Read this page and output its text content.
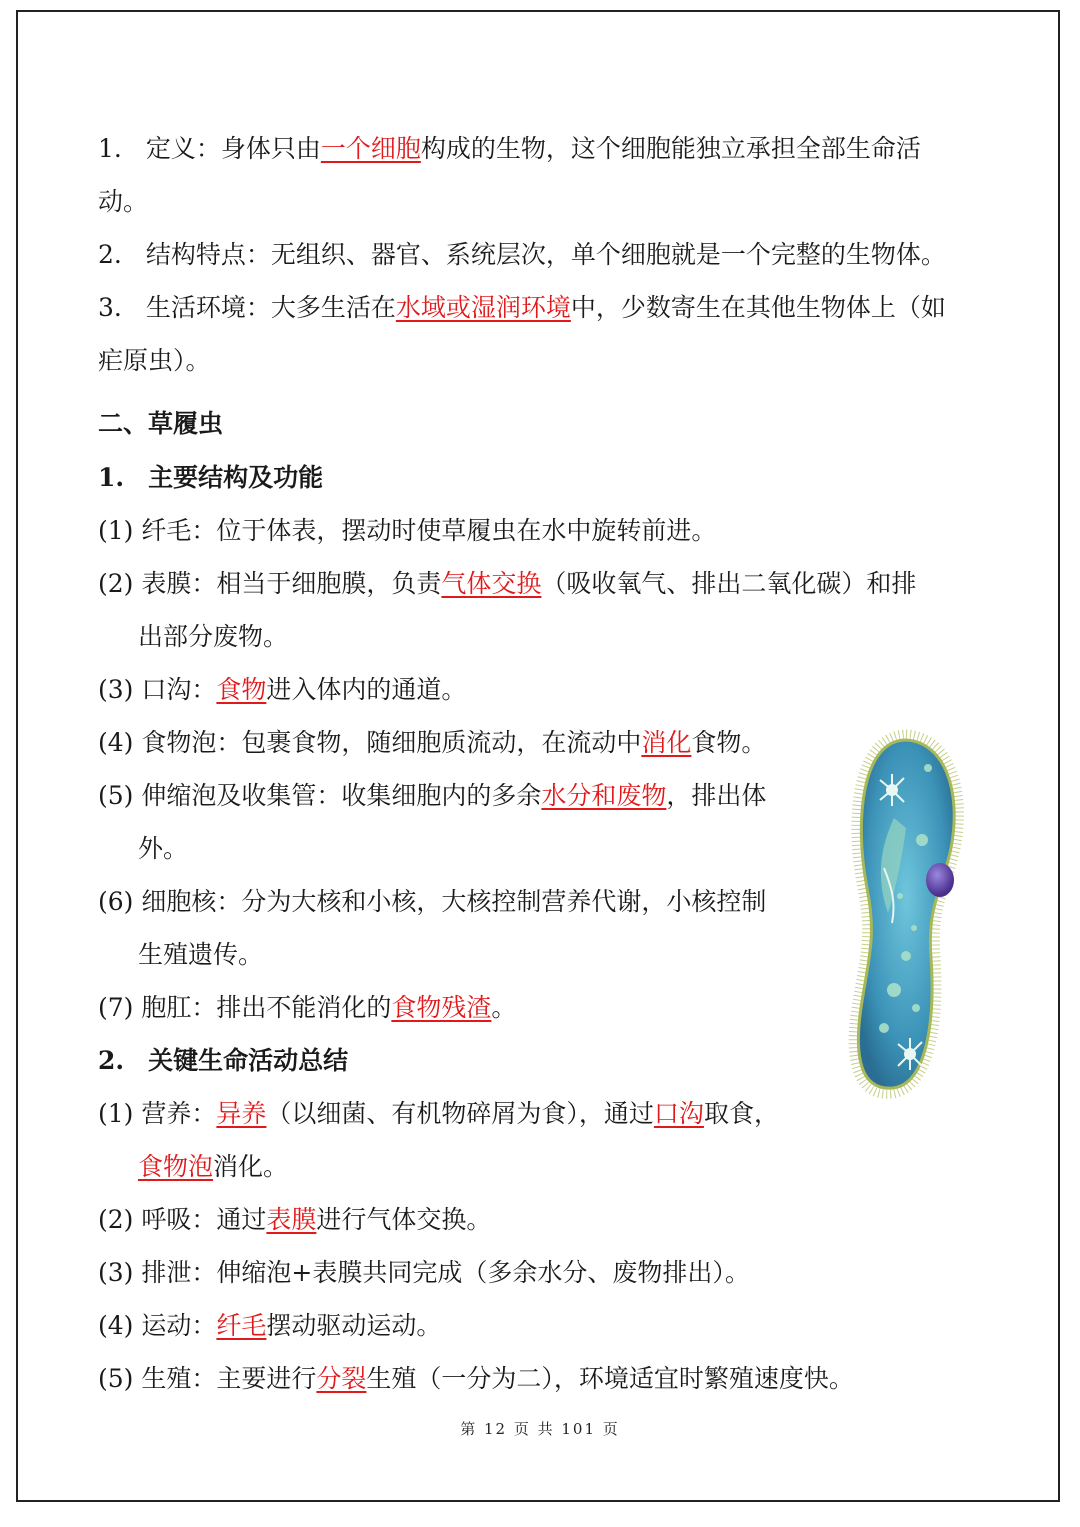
1. 定义：身体只由一个细胞构成的生物，这个细胞能独立承担全部生命活
动。
2. 结构特点：无组织、器官、系统层次，单个细胞就是一个完整的生物体。
3. 生活环境：大多生活在水域或湿润环境中，少数寄生在其他生物体上（如
疟原虫）。
二、草履虫
1. 主要结构及功能
(1) 纤毛：位于体表，摆动时使草履虫在水中旋转前进。
(2) 表膜：相当于细胞膜，负责气体交换（吸收氧气、排出二氧化碳）和排
出部分废物。
(3) 口沟：食物进入体内的通道。
(4) 食物泡：包裹食物，随细胞质流动，在流动中消化食物。
(5) 伸缩泡及收集管：收集细胞内的多余水分和废物，排出体
外。
(6) 细胞核：分为大核和小核，大核控制营养代谢，小核控制
生殖遗传。
(7) 胞肛：排出不能消化的食物残渣。
2. 关键生命活动总结
(1) 营养：异养（以细菌、有机物碎屑为食），通过口沟取食，
食物泡消化。
(2) 呼吸：通过表膜进行气体交换。
(3) 排泄：伸缩泡+表膜共同完成（多余水分、废物排出）。
(4) 运动：纤毛摆动驱动运动。
(5) 生殖：主要进行分裂生殖（一分为二），环境适宜时繁殖速度快。
第 12 页 共 101 页
